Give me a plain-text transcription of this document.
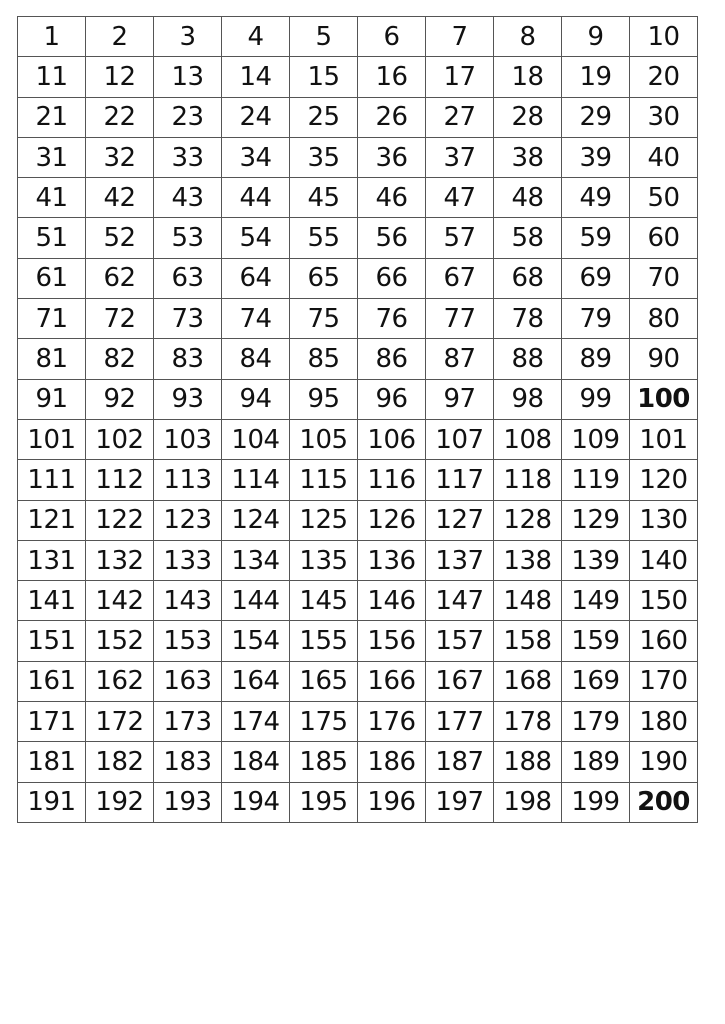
1	2	3	4	5	6	7	8	9	10
11	12	13	14	15	16	17	18	19	20
21	22	23	24	25	26	27	28	29	30
31	32	33	34	35	36	37	38	39	40
41	42	43	44	45	46	47	48	49	50
51	52	53	54	55	56	57	58	59	60
61	62	63	64	65	66	67	68	69	70
71	72	73	74	75	76	77	78	79	80
81	82	83	84	85	86	87	88	89	90
91	92	93	94	95	96	97	98	99	100
101	102	103	104	105	106	107	108	109	101
111	112	113	114	115	116	117	118	119	120
121	122	123	124	125	126	127	128	129	130
131	132	133	134	135	136	137	138	139	140
141	142	143	144	145	146	147	148	149	150
151	152	153	154	155	156	157	158	159	160
161	162	163	164	165	166	167	168	169	170
171	172	173	174	175	176	177	178	179	180
181	182	183	184	185	186	187	188	189	190
191	192	193	194	195	196	197	198	199	200
